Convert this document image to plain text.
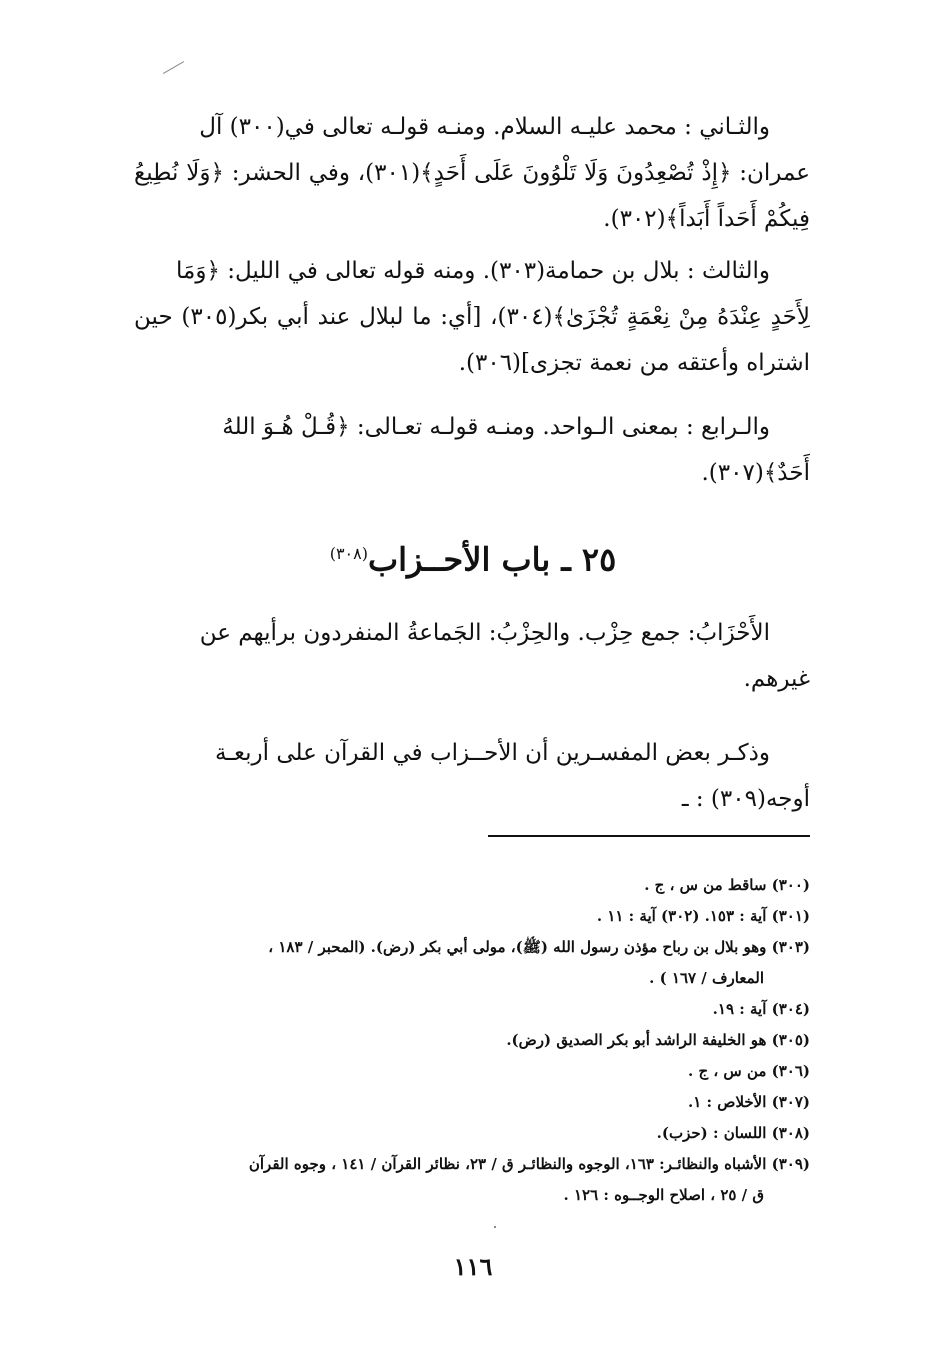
والثـاني : محمد عليـه السلام. ومنـه قولـه تعالى في(٣٠٠) آل
عمران: ﴿إِذْ تُصْعِدُونَ وَلَا تَلْوُونَ عَلَى أَحَدٍ﴾(٣٠١)، وفي الحشر: ﴿وَلَا نُطِيعُ فِيكُمْ أَحَداً أَبَداً﴾(٣٠٢).
والثالث : بلال بن حمامة(٣٠٣). ومنه قوله تعالى في الليل: ﴿وَمَا
لِأَحَدٍ عِنْدَهُ مِنْ نِعْمَةٍ تُجْزَىٰ﴾(٣٠٤)، [أي: ما لبلال عند أبي بكر(٣٠٥) حين اشتراه وأعتقه من نعمة تجزى](٣٠٦).
والـرابع : بمعنى الـواحد. ومنـه قولـه تعـالى: ﴿قُـلْ هُـوَ اللهُ
أَحَدٌ﴾(٣٠٧).
٢٥ ـ باب الأحــزاب$^{(٣٠٨)}$
الأَحْزَابُ: جمع حِزْب. والحِزْبُ: الجَماعةُ المنفردون برأيهم عن
غيرهم.
وذكـر بعض المفسـرين أن الأحــزاب في القرآن على أربعـة
أوجه(٣٠٩) : ـ
(٣٠٠) ساقط من س ، ج .
(٣٠١) آية : ١٥٣. (٣٠٢) آية : ١١ .
(٣٠٣) وهو بلال بن رباح مؤذن رسول الله (ﷺ)، مولى أبي بكر (رض). (المحبر / ١٨٣ ،
المعارف / ١٦٧ ) .
(٣٠٤) آية : ١٩.
(٣٠٥) هو الخليفة الراشد أبو بكر الصديق (رض).
(٣٠٦) من س ، ج .
(٣٠٧) الأخلاص : ١.
(٣٠٨) اللسان : (حزب).
(٣٠٩) الأشباه والنظائـر: ١٦٣، الوجوه والنظائـر ق / ٢٣، نظائر القرآن / ١٤١ ، وجوه القرآن
ق / ٢٥ ، اصلاح الوجــوه : ١٢٦ .
١١٦
